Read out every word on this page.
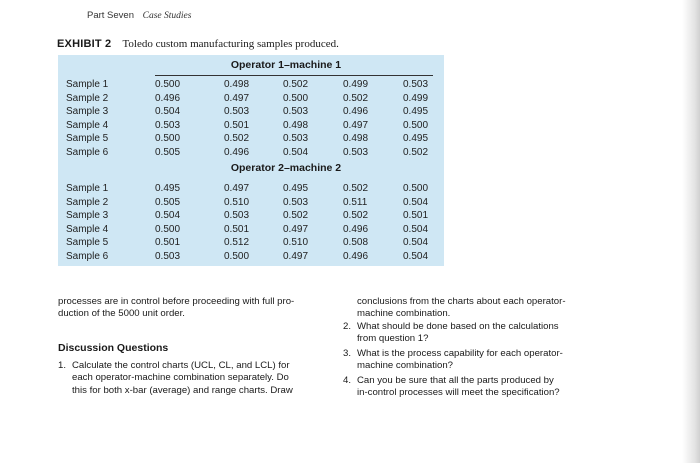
Part Seven Case Studies
EXHIBIT 2 Toledo custom manufacturing samples produced.
Operator 1–machine 1
Sample 1	0.500	0.498	0.502	0.499	0.503
Sample 2	0.496	0.497	0.500	0.502	0.499
Sample 3	0.504	0.503	0.503	0.496	0.495
Sample 4	0.503	0.501	0.498	0.497	0.500
Sample 5	0.500	0.502	0.503	0.498	0.495
Sample 6	0.505	0.496	0.504	0.503	0.502
Operator 2–machine 2
Sample 1	0.495	0.497	0.495	0.502	0.500
Sample 2	0.505	0.510	0.503	0.511	0.504
Sample 3	0.504	0.503	0.502	0.502	0.501
Sample 4	0.500	0.501	0.497	0.496	0.504
Sample 5	0.501	0.512	0.510	0.508	0.504
Sample 6	0.503	0.500	0.497	0.496	0.504
processes are in control before proceeding with full pro-
duction of the 5000 unit order.
Discussion Questions
1. Calculate the control charts (UCL, CL, and LCL) for
each operator-machine combination separately. Do
this for both x-bar (average) and range charts. Draw
conclusions from the charts about each operator-
machine combination.
2. What should be done based on the calculations
from question 1?
3. What is the process capability for each operator-
machine combination?
4. Can you be sure that all the parts produced by
in-control processes will meet the specification?
